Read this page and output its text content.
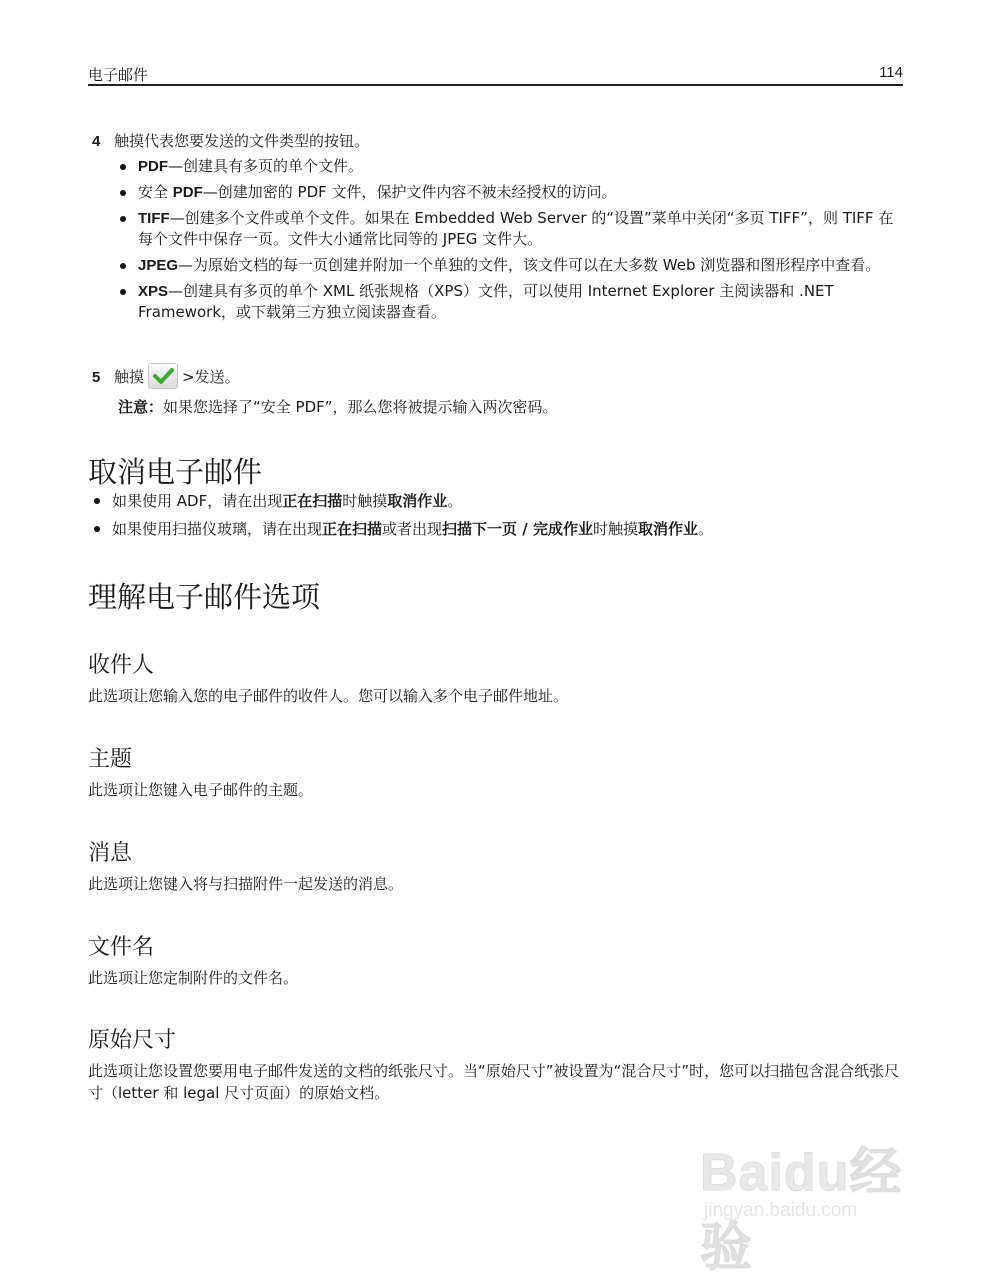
电子邮件	114
4 触摸代表您要发送的文件类型的按钮。
PDF—创建具有多页的单个文件。
安全 PDF—创建加密的 PDF 文件，保护文件内容不被未经授权的访问。
TIFF—创建多个文件或单个文件。如果在 Embedded Web Server 的“设置”菜单中关闭“多页 TIFF”，则 TIFF 在每个文件中保存一页。文件大小通常比同等的 JPEG 文件大。
JPEG—为原始文档的每一页创建并附加一个单独的文件，该文件可以在大多数 Web 浏览器和图形程序中查看。
XPS—创建具有多页的单个 XML 纸张规格（XPS）文件，可以使用 Internet Explorer 主阅读器和 .NET Framework，或下载第三方独立阅读器查看。
5 触摸	>发送。
注意：如果您选择了“安全 PDF”，那么您将被提示输入两次密码。
取消电子邮件
如果使用 ADF，请在出现正在扫描时触摸取消作业。
如果使用扫描仪玻璃，请在出现正在扫描或者出现扫描下一页 / 完成作业时触摸取消作业。
理解电子邮件选项
收件人

此选项让您输入您的电子邮件的收件人。您可以输入多个电子邮件地址。

主题

此选项让您键入电子邮件的主题。

消息

此选项让您键入将与扫描附件一起发送的消息。

文件名

此选项让您定制附件的文件名。

原始尺寸

此选项让您设置您要用电子邮件发送的文档的纸张尺寸。当“原始尺寸”被设置为“混合尺寸”时，您可以扫描包含混合纸张尺寸（letter 和 legal 尺寸页面）的原始文档。

Baidu经验
jingyan.baidu.com
